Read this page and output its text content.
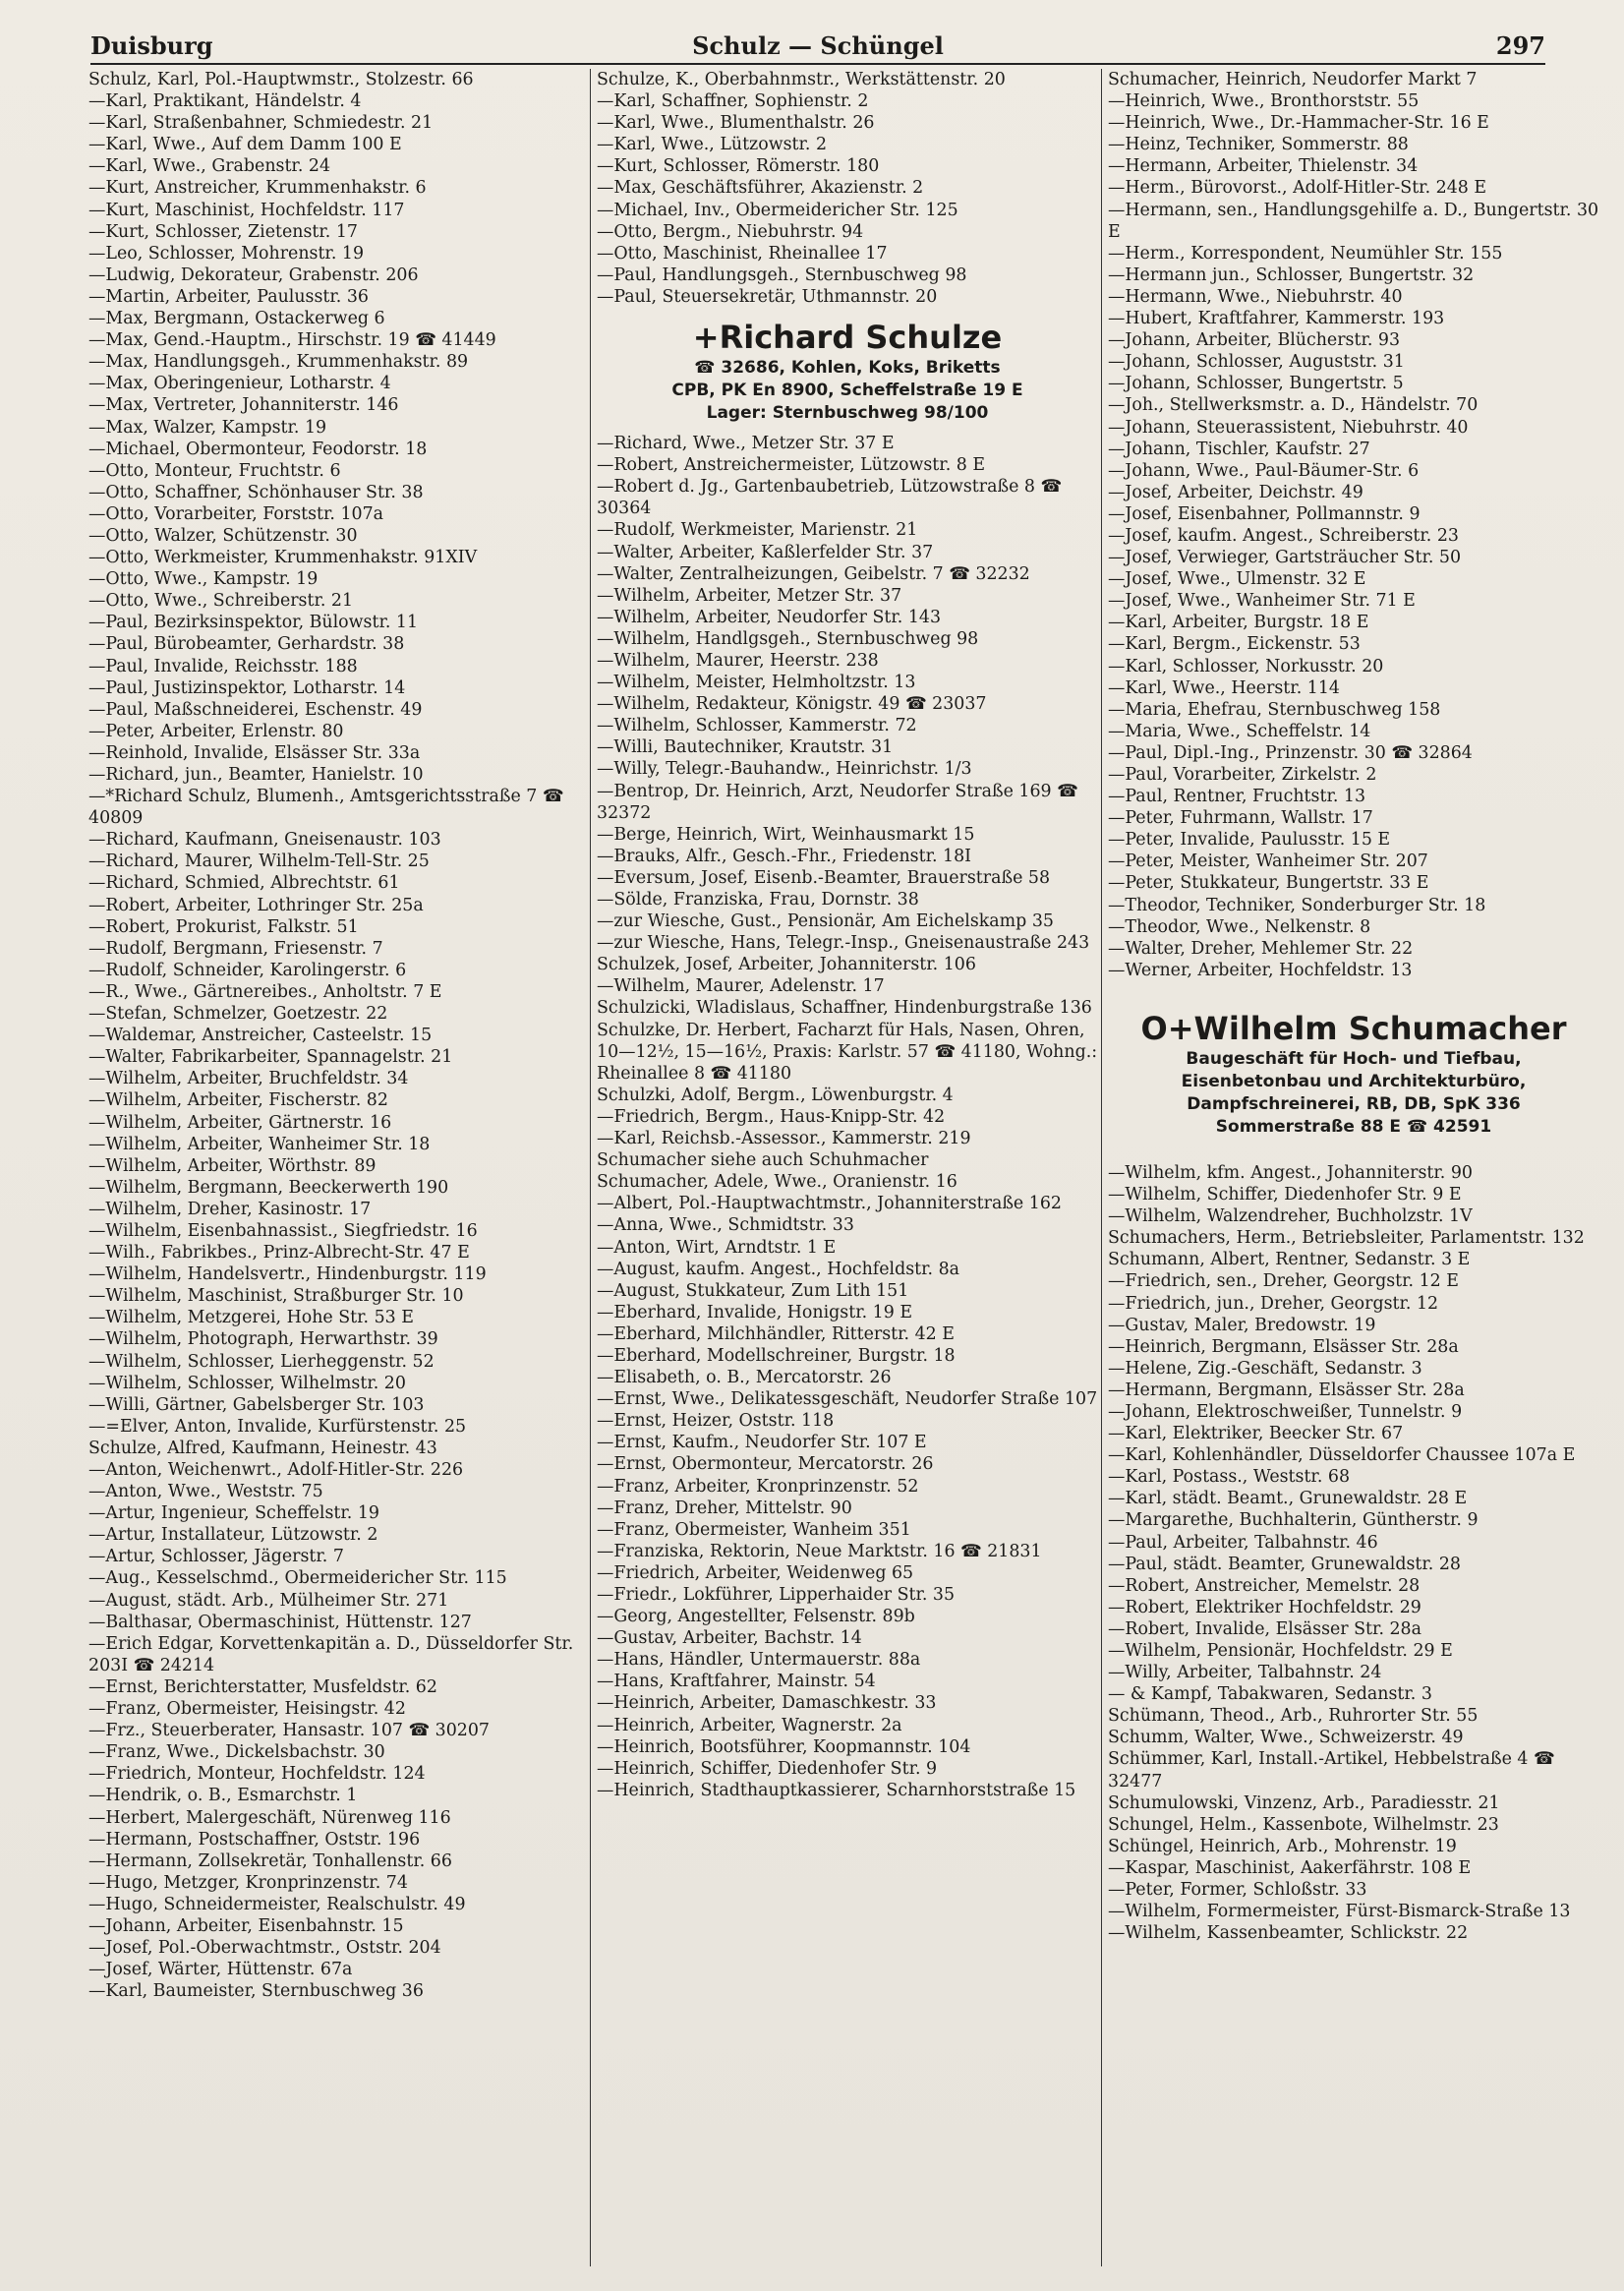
Duisburg	Schulz — Schüngel	297
Schulz, Karl, Pol.-Hauptwmstr., Stolzestr. 66
—Karl, Praktikant, Händelstr. 4
—Karl, Straßenbahner, Schmiedestr. 21
—Karl, Wwe., Auf dem Damm 100 E
—Karl, Wwe., Grabenstr. 24
—Kurt, Anstreicher, Krummenhakstr. 6
—Kurt, Maschinist, Hochfeldstr. 117
—Kurt, Schlosser, Zietenstr. 17
—Leo, Schlosser, Mohrenstr. 19
—Ludwig, Dekorateur, Grabenstr. 206
—Martin, Arbeiter, Paulusstr. 36
—Max, Bergmann, Ostackerweg 6
—Max, Gend.-Hauptm., Hirschstr. 19 ☎ 41449
—Max, Handlungsgeh., Krummenhakstr. 89
—Max, Oberingenieur, Lotharstr. 4
—Max, Vertreter, Johanniterstr. 146
—Max, Walzer, Kampstr. 19
—Michael, Obermonteur, Feodorstr. 18
—Otto, Monteur, Fruchtstr. 6
—Otto, Schaffner, Schönhauser Str. 38
—Otto, Vorarbeiter, Forststr. 107a
—Otto, Walzer, Schützenstr. 30
—Otto, Werkmeister, Krummenhakstr. 91XIV
—Otto, Wwe., Kampstr. 19
—Otto, Wwe., Schreiberstr. 21
—Paul, Bezirksinspektor, Bülowstr. 11
—Paul, Bürobeamter, Gerhardstr. 38
—Paul, Invalide, Reichsstr. 188
—Paul, Justizinspektor, Lotharstr. 14
—Paul, Maßschneiderei, Eschenstr. 49
—Peter, Arbeiter, Erlenstr. 80
—Reinhold, Invalide, Elsässer Str. 33a
—Richard, jun., Beamter, Hanielstr. 10
—*Richard Schulz, Blumenh., Amtsgerichtsstraße 7 ☎ 40809
—Richard, Kaufmann, Gneisenaustr. 103
—Richard, Maurer, Wilhelm-Tell-Str. 25
—Richard, Schmied, Albrechtstr. 61
—Robert, Arbeiter, Lothringer Str. 25a
—Robert, Prokurist, Falkstr. 51
—Rudolf, Bergmann, Friesenstr. 7
—Rudolf, Schneider, Karolingerstr. 6
—R., Wwe., Gärtnereibes., Anholtstr. 7 E
—Stefan, Schmelzer, Goetzestr. 22
—Waldemar, Anstreicher, Casteelstr. 15
—Walter, Fabrikarbeiter, Spannagelstr. 21
—Wilhelm, Arbeiter, Bruchfeldstr. 34
—Wilhelm, Arbeiter, Fischerstr. 82
—Wilhelm, Arbeiter, Gärtnerstr. 16
—Wilhelm, Arbeiter, Wanheimer Str. 18
—Wilhelm, Arbeiter, Wörthstr. 89
—Wilhelm, Bergmann, Beeckerwerth 190
—Wilhelm, Dreher, Kasinostr. 17
—Wilhelm, Eisenbahnassist., Siegfriedstr. 16
—Wilh., Fabrikbes., Prinz-Albrecht-Str. 47 E
—Wilhelm, Handelsvertr., Hindenburgstr. 119
—Wilhelm, Maschinist, Straßburger Str. 10
—Wilhelm, Metzgerei, Hohe Str. 53 E
—Wilhelm, Photograph, Herwarthstr. 39
—Wilhelm, Schlosser, Lierheggenstr. 52
—Wilhelm, Schlosser, Wilhelmstr. 20
—Willi, Gärtner, Gabelsberger Str. 103
—=Elver, Anton, Invalide, Kurfürstenstr. 25
Schulze, Alfred, Kaufmann, Heinestr. 43
—Anton, Weichenwrt., Adolf-Hitler-Str. 226
—Anton, Wwe., Weststr. 75
—Artur, Ingenieur, Scheffelstr. 19
—Artur, Installateur, Lützowstr. 2
—Artur, Schlosser, Jägerstr. 7
—Aug., Kesselschmd., Obermeidericher Str. 115
—August, städt. Arb., Mülheimer Str. 271
—Balthasar, Obermaschinist, Hüttenstr. 127
—Erich Edgar, Korvettenkapitän a. D., Düsseldorfer Str. 203I ☎ 24214
—Ernst, Berichterstatter, Musfeldstr. 62
—Franz, Obermeister, Heisingstr. 42
—Frz., Steuerberater, Hansastr. 107 ☎ 30207
—Franz, Wwe., Dickelsbachstr. 30
—Friedrich, Monteur, Hochfeldstr. 124
—Hendrik, o. B., Esmarchstr. 1
—Herbert, Malergeschäft, Nürenweg 116
—Hermann, Postschaffner, Oststr. 196
—Hermann, Zollsekretär, Tonhallenstr. 66
—Hugo, Metzger, Kronprinzenstr. 74
—Hugo, Schneidermeister, Realschulstr. 49
—Johann, Arbeiter, Eisenbahnstr. 15
—Josef, Pol.-Oberwachtmstr., Oststr. 204
—Josef, Wärter, Hüttenstr. 67a
—Karl, Baumeister, Sternbuschweg 36
Schulze, K., Oberbahnmstr., Werkstättenstr. 20
—Karl, Schaffner, Sophienstr. 2
—Karl, Wwe., Blumenthalstr. 26
—Karl, Wwe., Lützowstr. 2
—Kurt, Schlosser, Römerstr. 180
—Max, Geschäftsführer, Akazienstr. 2
—Michael, Inv., Obermeidericher Str. 125
—Otto, Bergm., Niebuhrstr. 94
—Otto, Maschinist, Rheinallee 17
—Paul, Handlungsgeh., Sternbuschweg 98
—Paul, Steuersekretär, Uthmannstr. 20
+Richard Schulze
☎ 32686, Kohlen, Koks, Briketts
CPB, PK En 8900, Scheffelstraße 19 E
Lager: Sternbuschweg 98/100
—Richard, Wwe., Metzer Str. 37 E
—Robert, Anstreichermeister, Lützowstr. 8 E
—Robert d. Jg., Gartenbaubetrieb, Lützowstraße 8 ☎ 30364
—Rudolf, Werkmeister, Marienstr. 21
—Walter, Arbeiter, Kaßlerfelder Str. 37
—Walter, Zentralheizungen, Geibelstr. 7 ☎ 32232
—Wilhelm, Arbeiter, Metzer Str. 37
—Wilhelm, Arbeiter, Neudorfer Str. 143
—Wilhelm, Handlgsgeh., Sternbuschweg 98
—Wilhelm, Maurer, Heerstr. 238
—Wilhelm, Meister, Helmholtzstr. 13
—Wilhelm, Redakteur, Königstr. 49 ☎ 23037
—Wilhelm, Schlosser, Kammerstr. 72
—Willi, Bautechniker, Krautstr. 31
—Willy, Telegr.-Bauhandw., Heinrichstr. 1/3
—Bentrop, Dr. Heinrich, Arzt, Neudorfer Straße 169 ☎ 32372
—Berge, Heinrich, Wirt, Weinhausmarkt 15
—Brauks, Alfr., Gesch.-Fhr., Friedenstr. 18I
—Eversum, Josef, Eisenb.-Beamter, Brauerstraße 58
—Sölde, Franziska, Frau, Dornstr. 38
—zur Wiesche, Gust., Pensionär, Am Eichelskamp 35
—zur Wiesche, Hans, Telegr.-Insp., Gneisenaustraße 243
Schulzek, Josef, Arbeiter, Johanniterstr. 106
—Wilhelm, Maurer, Adelenstr. 17
Schulzicki, Wladislaus, Schaffner, Hindenburgstraße 136
Schulzke, Dr. Herbert, Facharzt für Hals, Nasen, Ohren, 10—12½, 15—16½, Praxis: Karlstr. 57 ☎ 41180, Wohng.: Rheinallee 8 ☎ 41180
Schulzki, Adolf, Bergm., Löwenburgstr. 4
—Friedrich, Bergm., Haus-Knipp-Str. 42
—Karl, Reichsb.-Assessor., Kammerstr. 219
Schumacher siehe auch Schuhmacher
Schumacher, Adele, Wwe., Oranienstr. 16
—Albert, Pol.-Hauptwachtmstr., Johanniterstraße 162
—Anna, Wwe., Schmidtstr. 33
—Anton, Wirt, Arndtstr. 1 E
—August, kaufm. Angest., Hochfeldstr. 8a
—August, Stukkateur, Zum Lith 151
—Eberhard, Invalide, Honigstr. 19 E
—Eberhard, Milchhändler, Ritterstr. 42 E
—Eberhard, Modellschreiner, Burgstr. 18
—Elisabeth, o. B., Mercatorstr. 26
—Ernst, Wwe., Delikatessgeschäft, Neudorfer Straße 107
—Ernst, Heizer, Oststr. 118
—Ernst, Kaufm., Neudorfer Str. 107 E
—Ernst, Obermonteur, Mercatorstr. 26
—Franz, Arbeiter, Kronprinzenstr. 52
—Franz, Dreher, Mittelstr. 90
—Franz, Obermeister, Wanheim 351
—Franziska, Rektorin, Neue Marktstr. 16 ☎ 21831
—Friedrich, Arbeiter, Weidenweg 65
—Friedr., Lokführer, Lipperhaider Str. 35
—Georg, Angestellter, Felsenstr. 89b
—Gustav, Arbeiter, Bachstr. 14
—Hans, Händler, Untermauerstr. 88a
—Hans, Kraftfahrer, Mainstr. 54
—Heinrich, Arbeiter, Damaschkestr. 33
—Heinrich, Arbeiter, Wagnerstr. 2a
—Heinrich, Bootsführer, Koopmannstr. 104
—Heinrich, Schiffer, Diedenhofer Str. 9
—Heinrich, Stadthauptkassierer, Scharnhorststraße 15
Schumacher, Heinrich, Neudorfer Markt 7
—Heinrich, Wwe., Bronthorststr. 55
—Heinrich, Wwe., Dr.-Hammacher-Str. 16 E
—Heinz, Techniker, Sommerstr. 88
—Hermann, Arbeiter, Thielenstr. 34
—Herm., Bürovorst., Adolf-Hitler-Str. 248 E
—Hermann, sen., Handlungsgehilfe a. D., Bungertstr. 30 E
—Herm., Korrespondent, Neumühler Str. 155
—Hermann jun., Schlosser, Bungertstr. 32
—Hermann, Wwe., Niebuhrstr. 40
—Hubert, Kraftfahrer, Kammerstr. 193
—Johann, Arbeiter, Blücherstr. 93
—Johann, Schlosser, Auguststr. 31
—Johann, Schlosser, Bungertstr. 5
—Joh., Stellwerksmstr. a. D., Händelstr. 70
—Johann, Steuerassistent, Niebuhrstr. 40
—Johann, Tischler, Kaufstr. 27
—Johann, Wwe., Paul-Bäumer-Str. 6
—Josef, Arbeiter, Deichstr. 49
—Josef, Eisenbahner, Pollmannstr. 9
—Josef, kaufm. Angest., Schreiberstr. 23
—Josef, Verwieger, Gartsträucher Str. 50
—Josef, Wwe., Ulmenstr. 32 E
—Josef, Wwe., Wanheimer Str. 71 E
—Karl, Arbeiter, Burgstr. 18 E
—Karl, Bergm., Eickenstr. 53
—Karl, Schlosser, Norkusstr. 20
—Karl, Wwe., Heerstr. 114
—Maria, Ehefrau, Sternbuschweg 158
—Maria, Wwe., Scheffelstr. 14
—Paul, Dipl.-Ing., Prinzenstr. 30 ☎ 32864
—Paul, Vorarbeiter, Zirkelstr. 2
—Paul, Rentner, Fruchtstr. 13
—Peter, Fuhrmann, Wallstr. 17
—Peter, Invalide, Paulusstr. 15 E
—Peter, Meister, Wanheimer Str. 207
—Peter, Stukkateur, Bungertstr. 33 E
—Theodor, Techniker, Sonderburger Str. 18
—Theodor, Wwe., Nelkenstr. 8
—Walter, Dreher, Mehlemer Str. 22
—Werner, Arbeiter, Hochfeldstr. 13
O+Wilhelm Schumacher
Baugeschäft für Hoch- und Tiefbau,
Eisenbetonbau und Architekturbüro,
Dampfschreinerei, RB, DB, SpK 336
Sommerstraße 88 E ☎ 42591
—Wilhelm, kfm. Angest., Johanniterstr. 90
—Wilhelm, Schiffer, Diedenhofer Str. 9 E
—Wilhelm, Walzendreher, Buchholzstr. 1V
Schumachers, Herm., Betriebsleiter, Parlamentstr. 132
Schumann, Albert, Rentner, Sedanstr. 3 E
—Friedrich, sen., Dreher, Georgstr. 12 E
—Friedrich, jun., Dreher, Georgstr. 12
—Gustav, Maler, Bredowstr. 19
—Heinrich, Bergmann, Elsässer Str. 28a
—Helene, Zig.-Geschäft, Sedanstr. 3
—Hermann, Bergmann, Elsässer Str. 28a
—Johann, Elektroschweißer, Tunnelstr. 9
—Karl, Elektriker, Beecker Str. 67
—Karl, Kohlenhändler, Düsseldorfer Chaussee 107a E
—Karl, Postass., Weststr. 68
—Karl, städt. Beamt., Grunewaldstr. 28 E
—Margarethe, Buchhalterin, Güntherstr. 9
—Paul, Arbeiter, Talbahnstr. 46
—Paul, städt. Beamter, Grunewaldstr. 28
—Robert, Anstreicher, Memelstr. 28
—Robert, Elektriker Hochfeldstr. 29
—Robert, Invalide, Elsässer Str. 28a
—Wilhelm, Pensionär, Hochfeldstr. 29 E
—Willy, Arbeiter, Talbahnstr. 24
— & Kampf, Tabakwaren, Sedanstr. 3
Schümann, Theod., Arb., Ruhrorter Str. 55
Schumm, Walter, Wwe., Schweizerstr. 49
Schümmer, Karl, Install.-Artikel, Hebbelstraße 4 ☎ 32477
Schumulowski, Vinzenz, Arb., Paradiesstr. 21
Schungel, Helm., Kassenbote, Wilhelmstr. 23
Schüngel, Heinrich, Arb., Mohrenstr. 19
—Kaspar, Maschinist, Aakerfährstr. 108 E
—Peter, Former, Schloßstr. 33
—Wilhelm, Formermeister, Fürst-Bismarck-Straße 13
—Wilhelm, Kassenbeamter, Schlickstr. 22
